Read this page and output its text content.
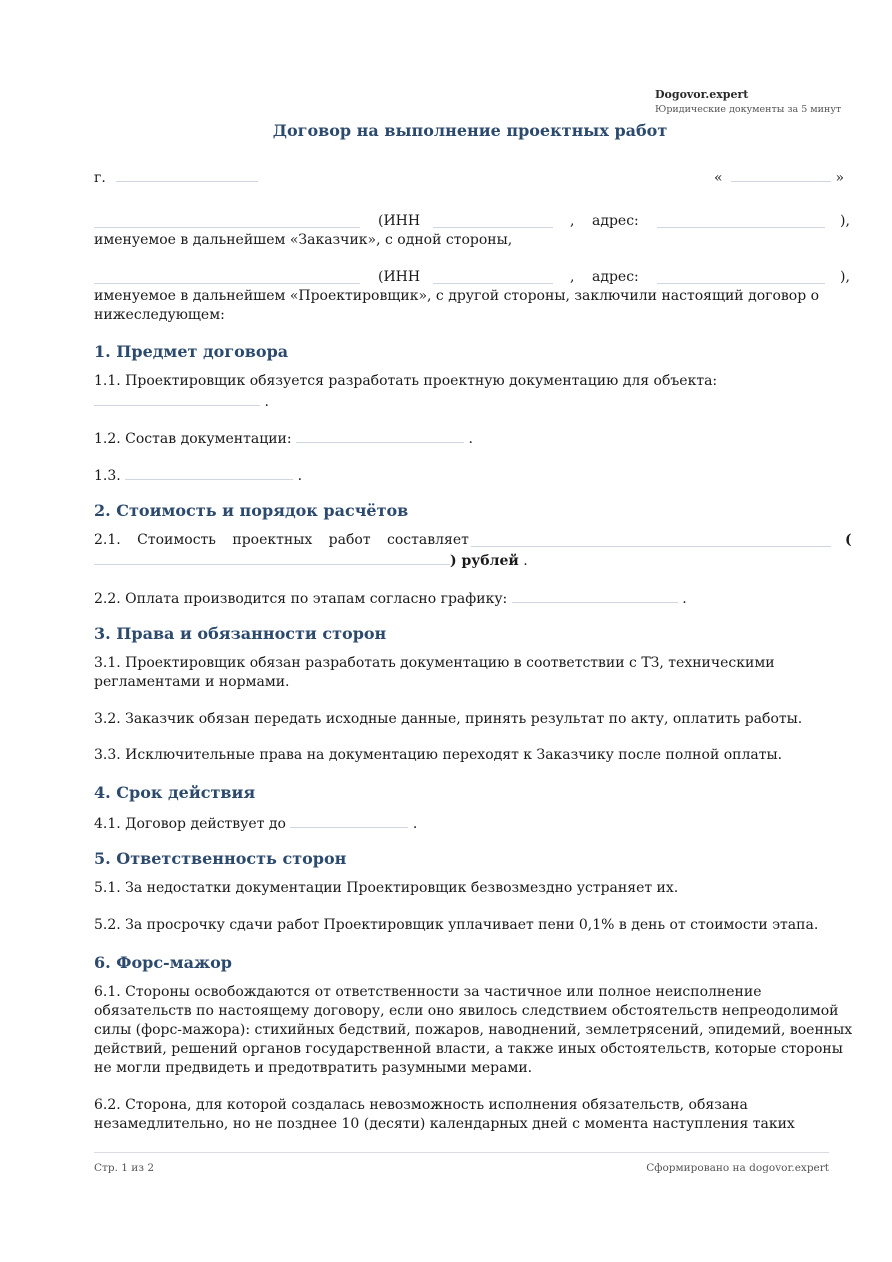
Dogovor.expert
Юридические документы за 5 минут
Договор на выполнение проектных работ
г.	«	»
(ИНН	, адрес:	),
именуемое в дальнейшем «Заказчик», с одной стороны,
(ИНН	, адрес:	),
именуемое в дальнейшем «Проектировщик», с другой стороны, заключили настоящий договор о нижеследующем:
1. Предмет договора
1.1. Проектировщик обязуется разработать проектную документацию для объекта:
.
1.2. Состав документации:	.
1.3.	.
2. Стоимость и порядок расчётов
2.1. Стоимость проектных работ составляет	(
) рублей .
2.2. Оплата производится по этапам согласно графику:	.
3. Права и обязанности сторон
3.1. Проектировщик обязан разработать документацию в соответствии с ТЗ, техническими регламентами и нормами.
3.2. Заказчик обязан передать исходные данные, принять результат по акту, оплатить работы.
3.3. Исключительные права на документацию переходят к Заказчику после полной оплаты.
4. Срок действия
4.1. Договор действует до	.
5. Ответственность сторон
5.1. За недостатки документации Проектировщик безвозмездно устраняет их.
5.2. За просрочку сдачи работ Проектировщик уплачивает пени 0,1% в день от стоимости этапа.
6. Форс-мажор
6.1. Стороны освобождаются от ответственности за частичное или полное неисполнение обязательств по настоящему договору, если оно явилось следствием обстоятельств непреодолимой силы (форс-мажора): стихийных бедствий, пожаров, наводнений, землетрясений, эпидемий, военных действий, решений органов государственной власти, а также иных обстоятельств, которые стороны не могли предвидеть и предотвратить разумными мерами.
6.2. Сторона, для которой создалась невозможность исполнения обязательств, обязана незамедлительно, но не позднее 10 (десяти) календарных дней с момента наступления таких
Стр. 1 из 2	Сформировано на dogovor.expert
